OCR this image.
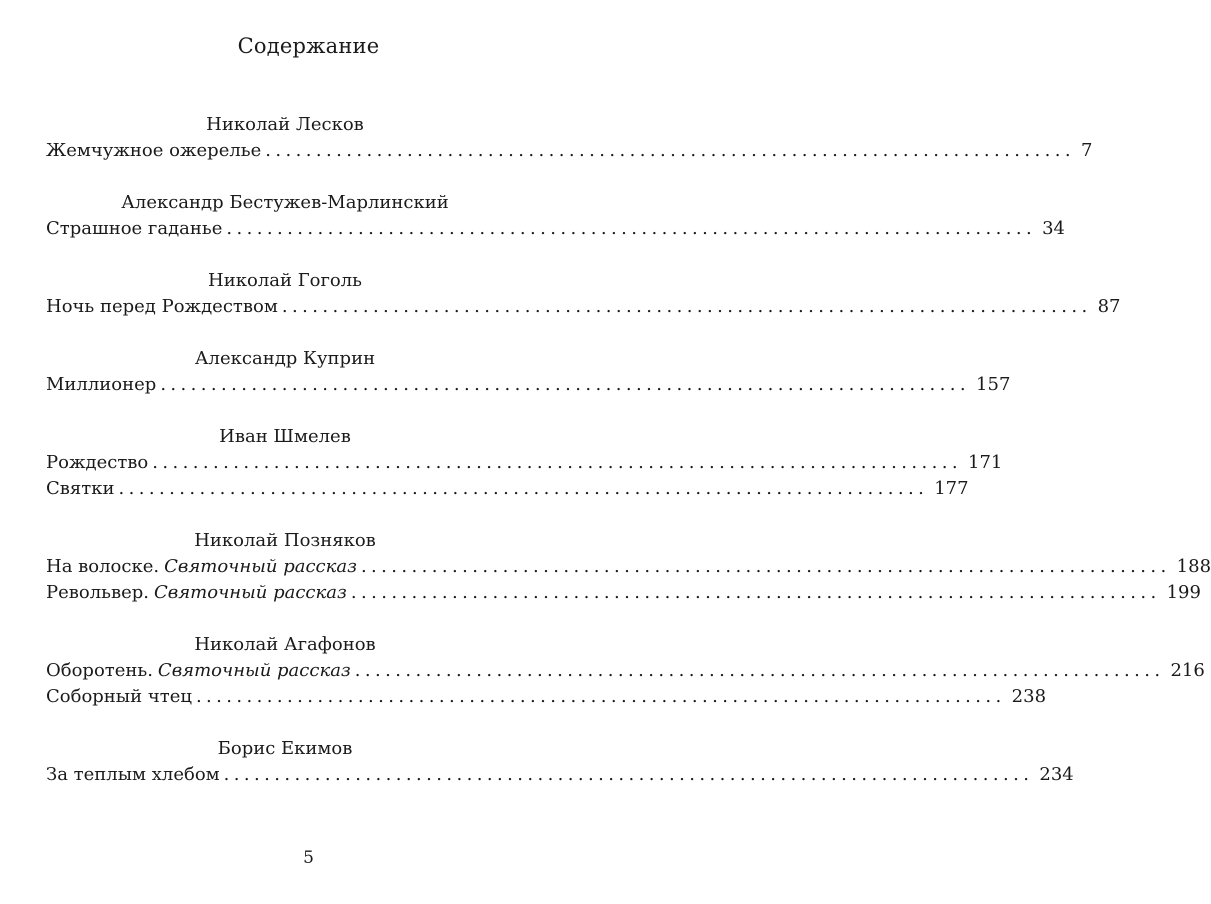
Содержание
Николай Лесков
Жемчужное ожерелье ................................................................................ 7
Александр Бестужев-Марлинский
Страшное гаданье ................................................................................ 34
Николай Гоголь
Ночь перед Рождеством ................................................................................ 87
Александр Куприн
Миллионер ................................................................................ 157
Иван Шмелев
Рождество ................................................................................ 171
Святки ................................................................................ 177
Николай Позняков
На волоске. Святочный рассказ ................................................................................ 188
Револьвер. Святочный рассказ ................................................................................ 199
Николай Агафонов
Оборотень. Святочный рассказ ................................................................................ 216
Соборный чтец ................................................................................ 238
Борис Екимов
За теплым хлебом ................................................................................ 234
5
